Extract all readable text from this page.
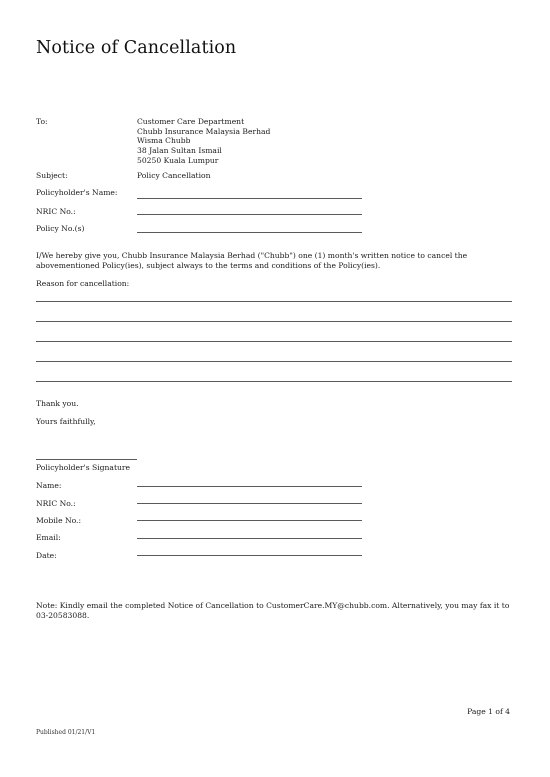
Notice of Cancellation
To:	Customer Care Department
Chubb Insurance Malaysia Berhad
Wisma Chubb
38 Jalan Sultan Ismail
50250 Kuala Lumpur
Subject:	Policy Cancellation
Policyholder's Name:
NRIC No.:
Policy No.(s)
I/We hereby give you, Chubb Insurance Malaysia Berhad ("Chubb") one (1) month's written notice to cancel the abovementioned Policy(ies), subject always to the terms and conditions of the Policy(ies).
Reason for cancellation:
Thank you.
Yours faithfully,
Policyholder's Signature
Name:
NRIC No.:
Mobile No.:
Email:
Date:
Note: Kindly email the completed Notice of Cancellation to CustomerCare.MY@chubb.com. Alternatively, you may fax it to 03-20583088.
Page 1 of 4
Published 01/21/V1
